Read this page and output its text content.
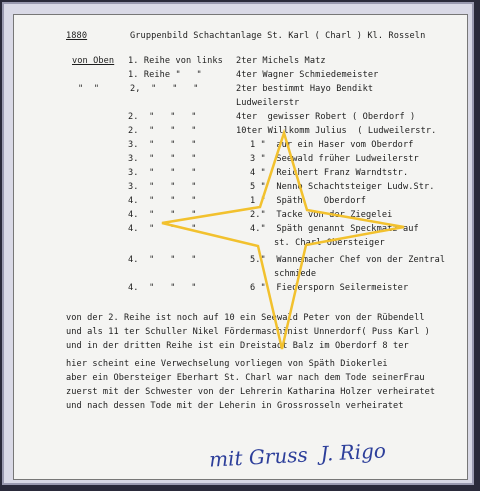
1880	Gruppenbild Schachtanlage St. Karl ( Charl ) Kl. Rosseln
von Oben 1. Reihe von links 2ter Michels Matz
1. Reihe "   "	4ter Wagner Schmiedemeister
"  "	2,  "   "   "	2ter bestimmt Hayo Bendikt
Ludweilerstr
2.  "   "   "	4ter  gewisser Robert ( Oberdorf )
2.  "   "   "	10ter Willkomm Julius  ( Ludweilerstr.
3.  "   "   "	1 "  aur ein Haser vom Oberdorf
3.  "   "   "	3 "  Seewald früher Ludweilerstr
3.  "   "   "	4 "  Reichert Franz Warndtstr.
3.  "   "   "	5 "  Nenno Schachtsteiger Ludw.Str.
4.  "   "   "	1 "  Späth    Oberdorf
4.  "   "   "	2."  Tacke von der Ziegelei
4.  "   "   "	4."  Späth genannt Speckmatz auf
st. Charl Obersteiger
4.  "   "   "	5."  Wannemacher Chef von der Zentral
schmiede
4.  "   "   "	6 "  Fiedersporn Seilermeister
von der 2. Reihe ist noch auf 10 ein Seewald Peter von der Rübendell
und als 11 ter Schuller Nikel Fördermaschinist Unnerdorf( Puss Karl )
und in der dritten Reihe ist ein Dreistadt Balz im Oberdorf 8 ter
hier scheint eine Verwechselung vorliegen von Späth Diokerlei
aber ein Obersteiger Eberhart St. Charl war nach dem Tode seinerFrau
zuerst mit der Schwester von der Lehrerin Katharina Holzer verheiratet
und nach dessen Tode mit der Leherin in Grossrosseln verheiratet
mit Gruss  J. Rigo
